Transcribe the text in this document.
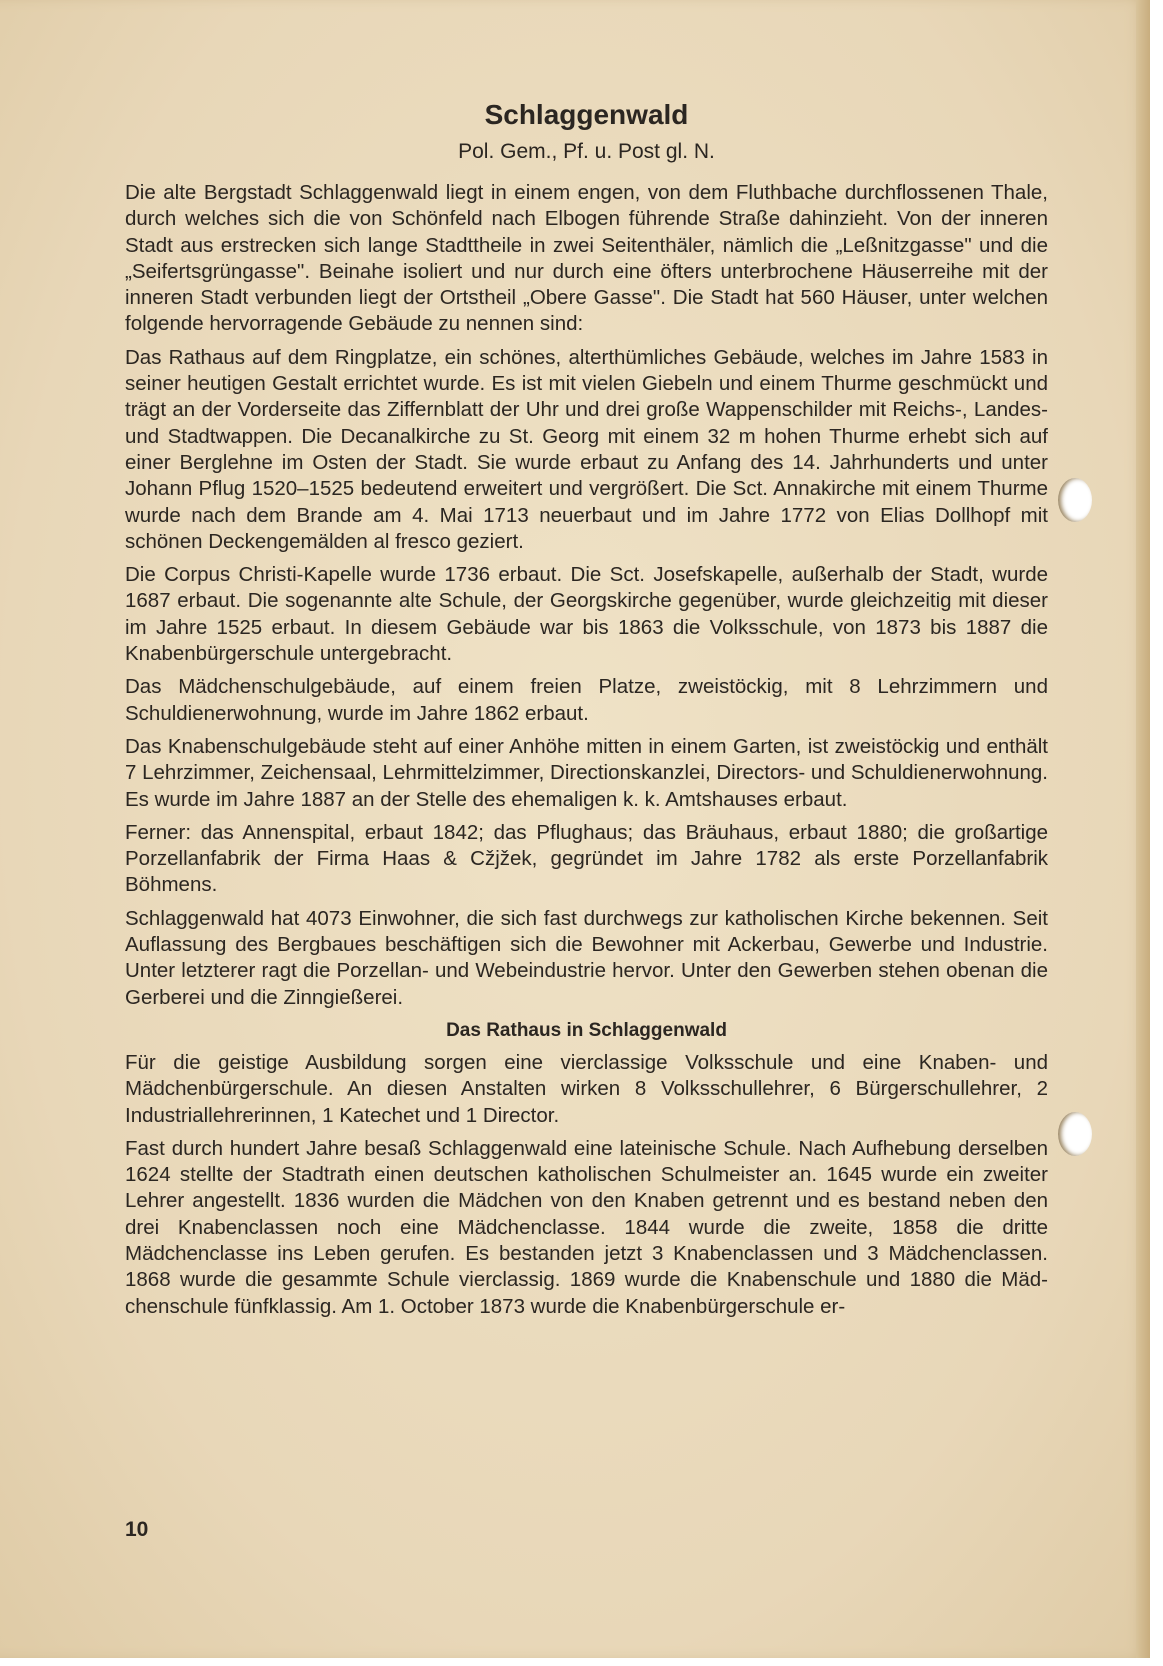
Schlaggenwald
Pol. Gem., Pf. u. Post gl. N.

Die alte Bergstadt Schlaggenwald liegt in einem engen, von dem Fluthbache durchflossenen Thale, durch welches sich die von Schönfeld nach Elbogen führende Straße dahinzieht. Von der inneren Stadt aus erstrecken sich lange Stadttheile in zwei Seitenthäler, nämlich die „Leßnitzgasse" und die „Seifertsgrüngasse". Beinahe isoliert und nur durch eine öfters unterbrochene Häuserreihe mit der inneren Stadt verbunden liegt der Ortstheil „Obere Gasse". Die Stadt hat 560 Häuser, unter welchen folgende hervorragende Gebäude zu nennen sind:

Das Rathaus auf dem Ringplatze, ein schönes, alterthümliches Gebäude, welches im Jahre 1583 in seiner heutigen Gestalt errichtet wurde. Es ist mit vielen Giebeln und einem Thurme geschmückt und trägt an der Vorderseite das Ziffernblatt der Uhr und drei große Wappenschilder mit Reichs-, Landes- und Stadtwappen. Die Decanalkirche zu St. Georg mit einem 32 m hohen Thurme erhebt sich auf einer Berglehne im Osten der Stadt. Sie wurde erbaut zu Anfang des 14. Jahrhunderts und unter Johann Pflug 1520–1525 bedeutend erweitert und vergrößert. Die Sct. Annakirche mit einem Thurme wurde nach dem Brande am 4. Mai 1713 neuerbaut und im Jahre 1772 von Elias Dollhopf mit schönen Deckengemälden al fresco geziert.

Die Corpus Christi-Kapelle wurde 1736 erbaut. Die Sct. Josefskapelle, außerhalb der Stadt, wurde 1687 erbaut. Die sogenannte alte Schule, der Georgskirche gegenüber, wurde gleichzeitig mit dieser im Jahre 1525 erbaut. In diesem Gebäude war bis 1863 die Volksschule, von 1873 bis 1887 die Knabenbürgerschule untergebracht.

Das Mädchenschulgebäude, auf einem freien Platze, zweistöckig, mit 8 Lehrzimmern und Schuldienerwohnung, wurde im Jahre 1862 erbaut.

Das Knabenschulgebäude steht auf einer Anhöhe mitten in einem Garten, ist zweistöckig und enthält 7 Lehrzimmer, Zeichensaal, Lehrmittelzimmer, Directionskanzlei, Directors- und Schuldienerwohnung. Es wurde im Jahre 1887 an der Stelle des ehemaligen k. k. Amtshauses erbaut.

Ferner: das Annenspital, erbaut 1842; das Pflughaus; das Bräuhaus, erbaut 1880; die großartige Porzellanfabrik der Firma Haas & Cžjžek, gegründet im Jahre 1782 als erste Porzellanfabrik Böhmens.

Schlaggenwald hat 4073 Einwohner, die sich fast durchwegs zur katholischen Kirche bekennen. Seit Auflassung des Bergbaues beschäftigen sich die Bewohner mit Ackerbau, Gewerbe und Industrie. Unter letzterer ragt die Porzellan- und Webeindustrie hervor. Unter den Gewerben stehen obenan die Gerberei und die Zinngießerei.

Das Rathaus in Schlaggenwald

Für die geistige Ausbildung sorgen eine vierclassige Volksschule und eine Knaben- und Mädchenbürgerschule. An diesen Anstalten wirken 8 Volksschullehrer, 6 Bürgerschullehrer, 2 Industriallehrerinnen, 1 Katechet und 1 Director.

Fast durch hundert Jahre besaß Schlaggenwald eine lateinische Schule. Nach Aufhebung derselben 1624 stellte der Stadtrath einen deutschen katholischen Schulmeister an. 1645 wurde ein zweiter Lehrer angestellt. 1836 wurden die Mädchen von den Knaben getrennt und es bestand neben den drei Knabenclassen noch eine Mädchenclasse. 1844 wurde die zweite, 1858 die dritte Mädchenclasse ins Leben gerufen. Es bestanden jetzt 3 Knabenclassen und 3 Mädchenclassen. 1868 wurde die gesammte Schule vierclassig. 1869 wurde die Knabenschule und 1880 die Mädchenschule fünfklassig. Am 1. October 1873 wurde die Knabenbürgerschule er-

10
